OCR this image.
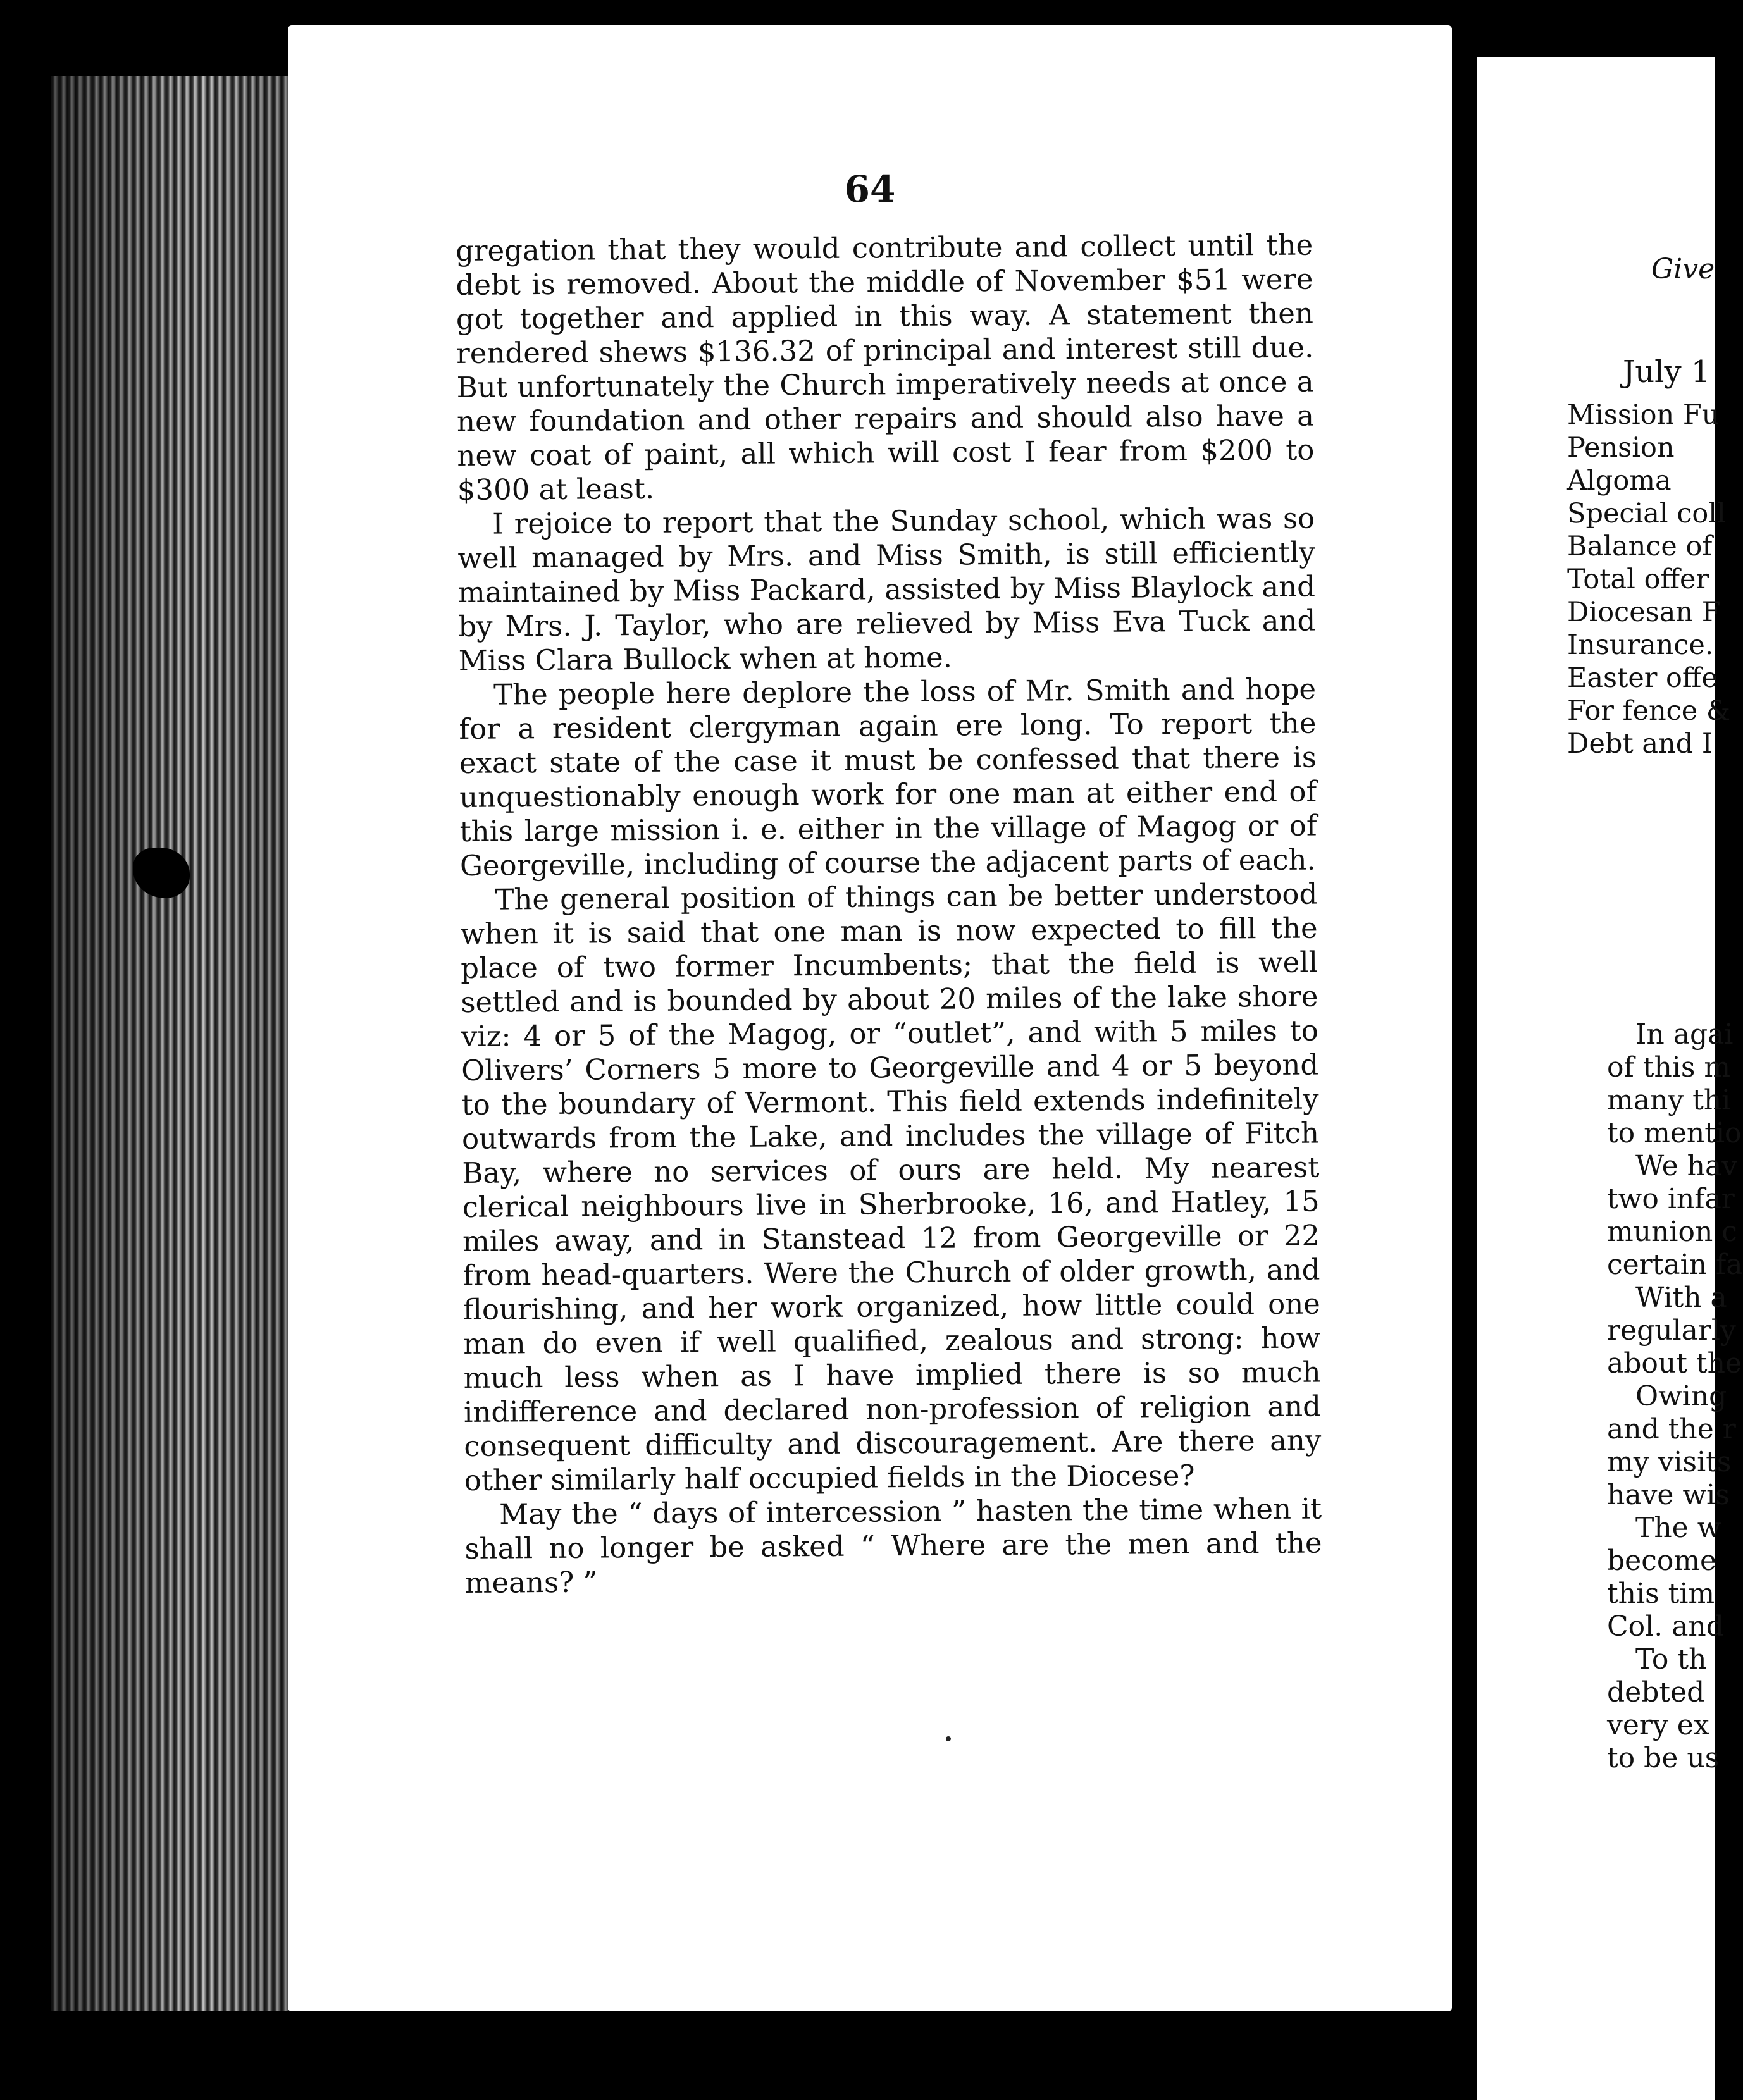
64

gregation that they would contribute and collect until the debt is removed. About the middle of November $51 were got together and applied in this way. A statement then rendered shews $136.32 of principal and interest still due. But unfortunately the Church imperatively needs at once a new foundation and other repairs and should also have a new coat of paint, all which will cost I fear from $200 to $300 at least.

I rejoice to report that the Sunday school, which was so well managed by Mrs. and Miss Smith, is still efficiently maintained by Miss Packard, assisted by Miss Blaylock and by Mrs. J. Taylor, who are relieved by Miss Eva Tuck and Miss Clara Bullock when at home.

The people here deplore the loss of Mr. Smith and hope for a resident clergyman again ere long. To report the exact state of the case it must be confessed that there is unquestionably enough work for one man at either end of this large mission i. e. either in the village of Magog or of Georgeville, including of course the adjacent parts of each.

The general position of things can be better understood when it is said that one man is now expected to fill the place of two former Incumbents; that the field is well settled and is bounded by about 20 miles of the lake shore viz: 4 or 5 of the Magog, or “outlet”, and with 5 miles to Olivers’ Corners 5 more to Georgeville and 4 or 5 beyond to the boundary of Vermont. This field extends indefinitely outwards from the Lake, and includes the village of Fitch Bay, where no services of ours are held. My nearest clerical neighbours live in Sherbrooke, 16, and Hatley, 15 miles away, and in Stanstead 12 from Georgeville or 22 from head-quarters. Were the Church of older growth, and flourishing, and her work organized, how little could one man do even if well qualified, zealous and strong: how much less when as I have implied there is so much indifference and declared non-profession of religion and consequent difficulty and discouragement. Are there any other similarly half occupied fields in the Diocese?

May the “ days of intercession ” hasten the time when it shall no longer be asked “ Where are the men and the means? ”

Give
July 1
Mission Fu
Pension
Algoma
Special coll
Balance of
Total offer
Diocesan F
Insurance.
Easter offe
For fence &
Debt and I
In agai
of this m
many thi
to mentio
We hav
two infar
munion c
certain fa
With a
regularly
about the
Owing
and the r
my visits
have wis
The w
become
this tim
Col. and
To th
debted
very ex
to be us
